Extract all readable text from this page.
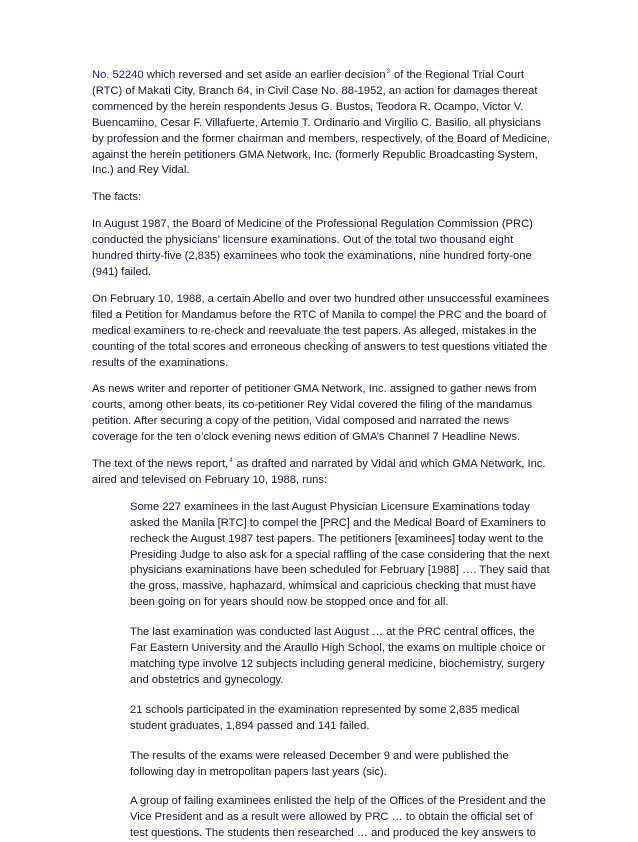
No. 52240 which reversed and set aside an earlier decision$^3$ of the Regional Trial Court (RTC) of Makati City, Branch 64, in Civil Case No. 88-1952, an action for damages thereat commenced by the herein respondents Jesus G. Bustos, Teodora R. Ocampo, Victor V. Buencamino, Cesar F. Villafuerte, Artemio T. Ordinario and Virgilio C. Basilio, all physicians by profession and the former chairman and members, respectively, of the Board of Medicine, against the herein petitioners GMA Network, Inc. (formerly Republic Broadcasting System, Inc.) and Rey Vidal.

The facts:

In August 1987, the Board of Medicine of the Professional Regulation Commission (PRC) conducted the physicians’ licensure examinations. Out of the total two thousand eight hundred thirty-five (2,835) examinees who took the examinations, nine hundred forty-one (941) failed.

On February 10, 1988, a certain Abello and over two hundred other unsuccessful examinees filed a Petition for Mandamus before the RTC of Manila to compel the PRC and the board of medical examiners to re-check and reevaluate the test papers. As alleged, mistakes in the counting of the total scores and erroneous checking of answers to test questions vitiated the results of the examinations.

As news writer and reporter of petitioner GMA Network, Inc. assigned to gather news from courts, among other beats, its co-petitioner Rey Vidal covered the filing of the mandamus petition. After securing a copy of the petition, Vidal composed and narrated the news coverage for the ten o’clock evening news edition of GMA’s Channel 7 Headline News.

The text of the news report,$^4$ as drafted and narrated by Vidal and which GMA Network, Inc. aired and televised on February 10, 1988, runs:

Some 227 examinees in the last August Physician Licensure Examinations today asked the Manila [RTC] to compel the [PRC] and the Medical Board of Examiners to recheck the August 1987 test papers. The petitioners [examinees] today went to the Presiding Judge to also ask for a special raffling of the case considering that the next physicians examinations have been scheduled for February [1988] …. They said that the gross, massive, haphazard, whimsical and capricious checking that must have been going on for years should now be stopped once and for all.

The last examination was conducted last August … at the PRC central offices, the Far Eastern University and the Araullo High School, the exams on multiple choice or matching type involve 12 subjects including general medicine, biochemistry, surgery and obstetrics and gynecology.

21 schools participated in the examination represented by some 2,835 medical student graduates, 1,894 passed and 141 failed.

The results of the exams were released December 9 and were published the following day in metropolitan papers last years (sic).

A group of failing examinees enlisted the help of the Offices of the President and the Vice President and as a result were allowed by PRC … to obtain the official set of test questions. The students then researched … and produced the key answers to
